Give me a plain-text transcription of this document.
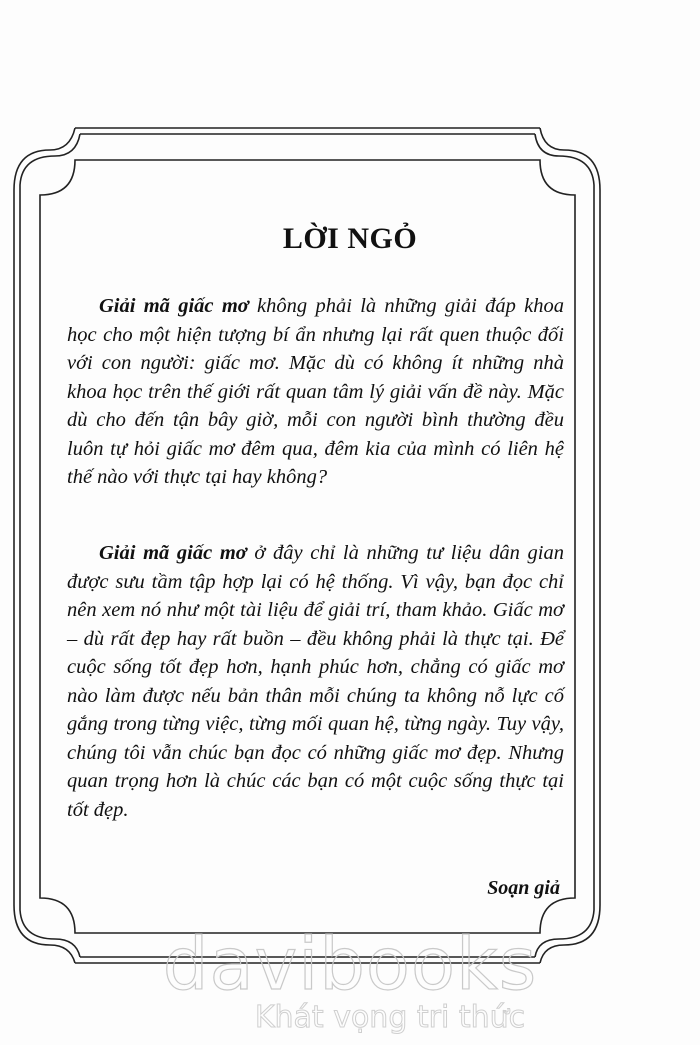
LỜI NGỎ

Giải mã giấc mơ không phải là những giải đáp khoa học cho một hiện tượng bí ẩn nhưng lại rất quen thuộc đối với con người: giấc mơ. Mặc dù có không ít những nhà khoa học trên thế giới rất quan tâm lý giải vấn đề này. Mặc dù cho đến tận bây giờ, mỗi con người bình thường đều luôn tự hỏi giấc mơ đêm qua, đêm kia của mình có liên hệ thế nào với thực tại hay không?

Giải mã giấc mơ ở đây chỉ là những tư liệu dân gian được sưu tầm tập hợp lại có hệ thống. Vì vậy, bạn đọc chỉ nên xem nó như một tài liệu để giải trí, tham khảo. Giấc mơ – dù rất đẹp hay rất buồn – đều không phải là thực tại. Để cuộc sống tốt đẹp hơn, hạnh phúc hơn, chẳng có giấc mơ nào làm được nếu bản thân mỗi chúng ta không nỗ lực cố gắng trong từng việc, từng mối quan hệ, từng ngày. Tuy vậy, chúng tôi vẫn chúc bạn đọc có những giấc mơ đẹp. Nhưng quan trọng hơn là chúc các bạn có một cuộc sống thực tại tốt đẹp.

Soạn giả
davibooks
Khát vọng tri thức
